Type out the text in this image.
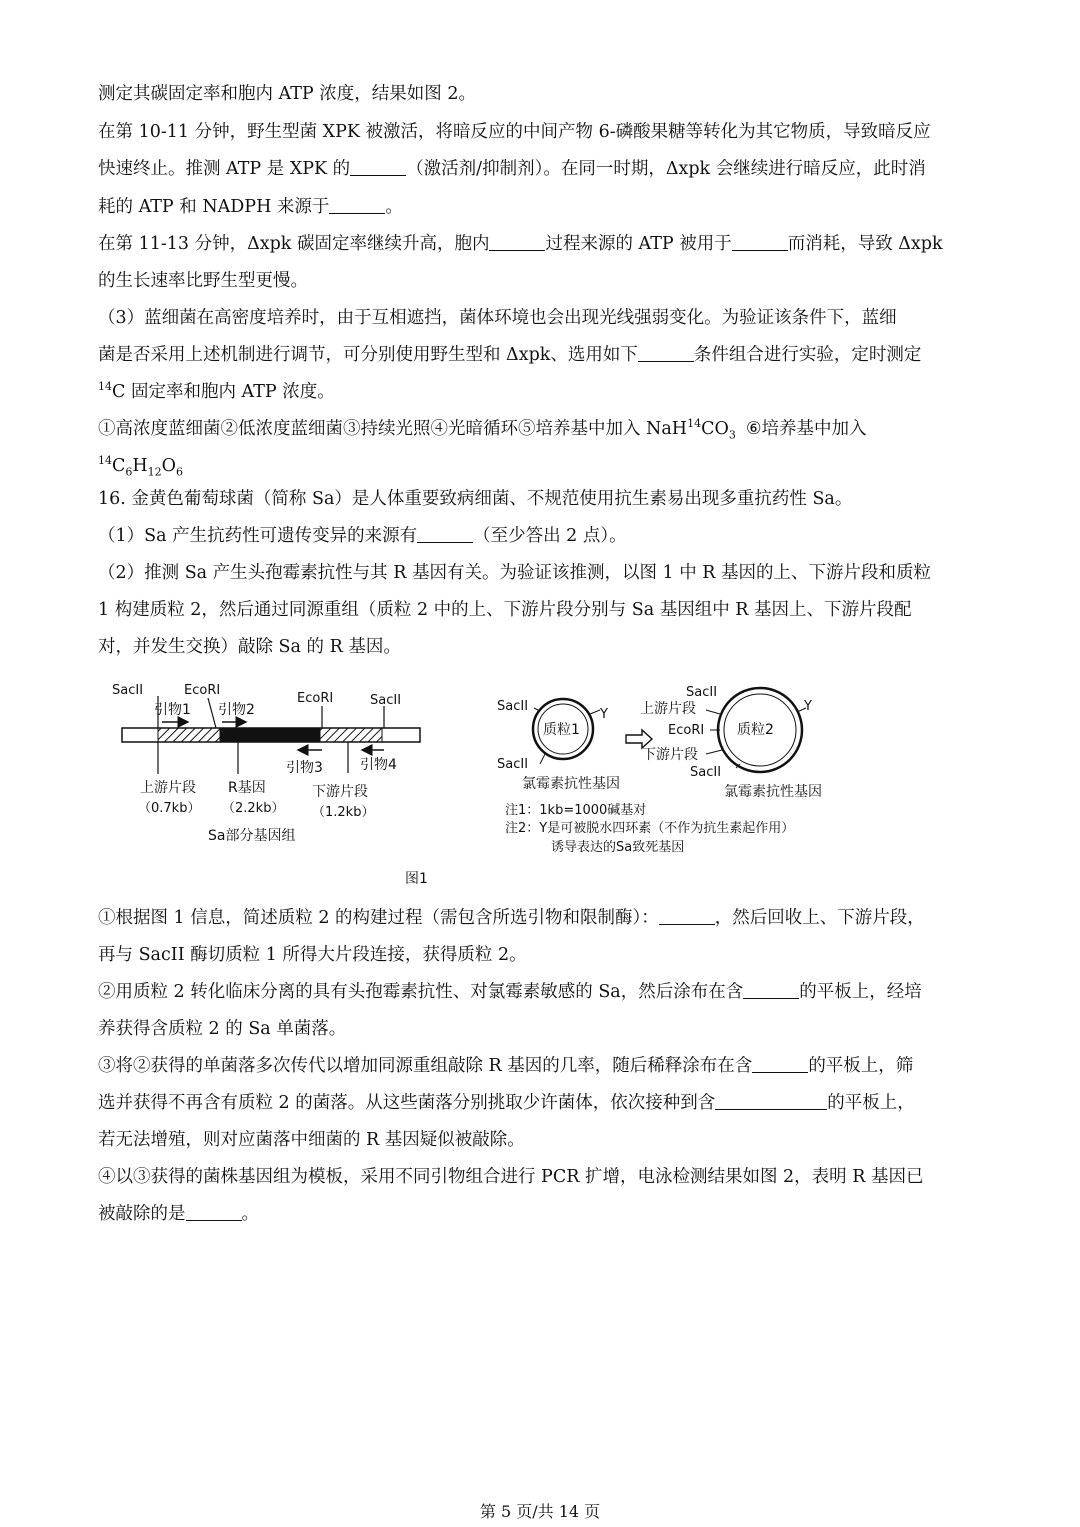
测定其碳固定率和胞内 ATP 浓度，结果如图 2。
在第 10-11 分钟，野生型菌 XPK 被激活，将暗反应的中间产物 6-磷酸果糖等转化为其它物质，导致暗反应
快速终止。推测 ATP 是 XPK 的	（激活剂/抑制剂）。在同一时期，Δxpk 会继续进行暗反应，此时消
耗的 ATP 和 NADPH 来源于	。
在第 11-13 分钟，Δxpk 碳固定率继续升高，胞内	过程来源的 ATP 被用于	而消耗，导致 Δxpk
的生长速率比野生型更慢。
（3）蓝细菌在高密度培养时，由于互相遮挡，菌体环境也会出现光线强弱变化。为验证该条件下，蓝细
菌是否采用上述机制进行调节，可分别使用野生型和 Δxpk、选用如下	条件组合进行实验，定时测定
$^{14}$C 固定率和胞内 ATP 浓度。
①高浓度蓝细菌②低浓度蓝细菌③持续光照④光暗循环⑤培养基中加入 $NaH^{14}CO_3$ ⑥培养基中加入
$^{14}C_6H_{12}O_6$
16. 金黄色葡萄球菌（简称 Sa）是人体重要致病细菌、不规范使用抗生素易出现多重抗药性 Sa。
（1）Sa 产生抗药性可遗传变异的来源有	（至少答出 2 点）。
（2）推测 Sa 产生头孢霉素抗性与其 R 基因有关。为验证该推测，以图 1 中 R 基因的上、下游片段和质粒
1 构建质粒 2，然后通过同源重组（质粒 2 中的上、下游片段分别与 Sa 基因组中 R 基因上、下游片段配
对，并发生交换）敲除 Sa 的 R 基因。
SacII	EcoRI
引物1 引物2
EcoRI	SacII
引物3	引物4
上游片段
（0.7kb）
R基因
（2.2kb）
下游片段
（1.2kb）
Sa部分基因组
SacII
质粒1
Y
SacII
氯霉素抗性基因
SacII
上游片段
EcoRI
下游片段
SacII
质粒2
Y
氯霉素抗性基因
注1：1kb=1000碱基对
注2：Y是可被脱水四环素（不作为抗生素起作用）
诱导表达的Sa致死基因
图1
①根据图 1 信息，简述质粒 2 的构建过程（需包含所选引物和限制酶）：	，然后回收上、下游片段，
再与 SacII 酶切质粒 1 所得大片段连接，获得质粒 2。
②用质粒 2 转化临床分离的具有头孢霉素抗性、对氯霉素敏感的 Sa，然后涂布在含	的平板上，经培
养获得含质粒 2 的 Sa 单菌落。
③将②获得的单菌落多次传代以增加同源重组敲除 R 基因的几率，随后稀释涂布在含	的平板上，筛
选并获得不再含有质粒 2 的菌落。从这些菌落分别挑取少许菌体，依次接种到含	的平板上，
若无法增殖，则对应菌落中细菌的 R 基因疑似被敲除。
④以③获得的菌株基因组为模板，采用不同引物组合进行 PCR 扩增，电泳检测结果如图 2，表明 R 基因已
被敲除的是	。
第 5 页/共 14 页
